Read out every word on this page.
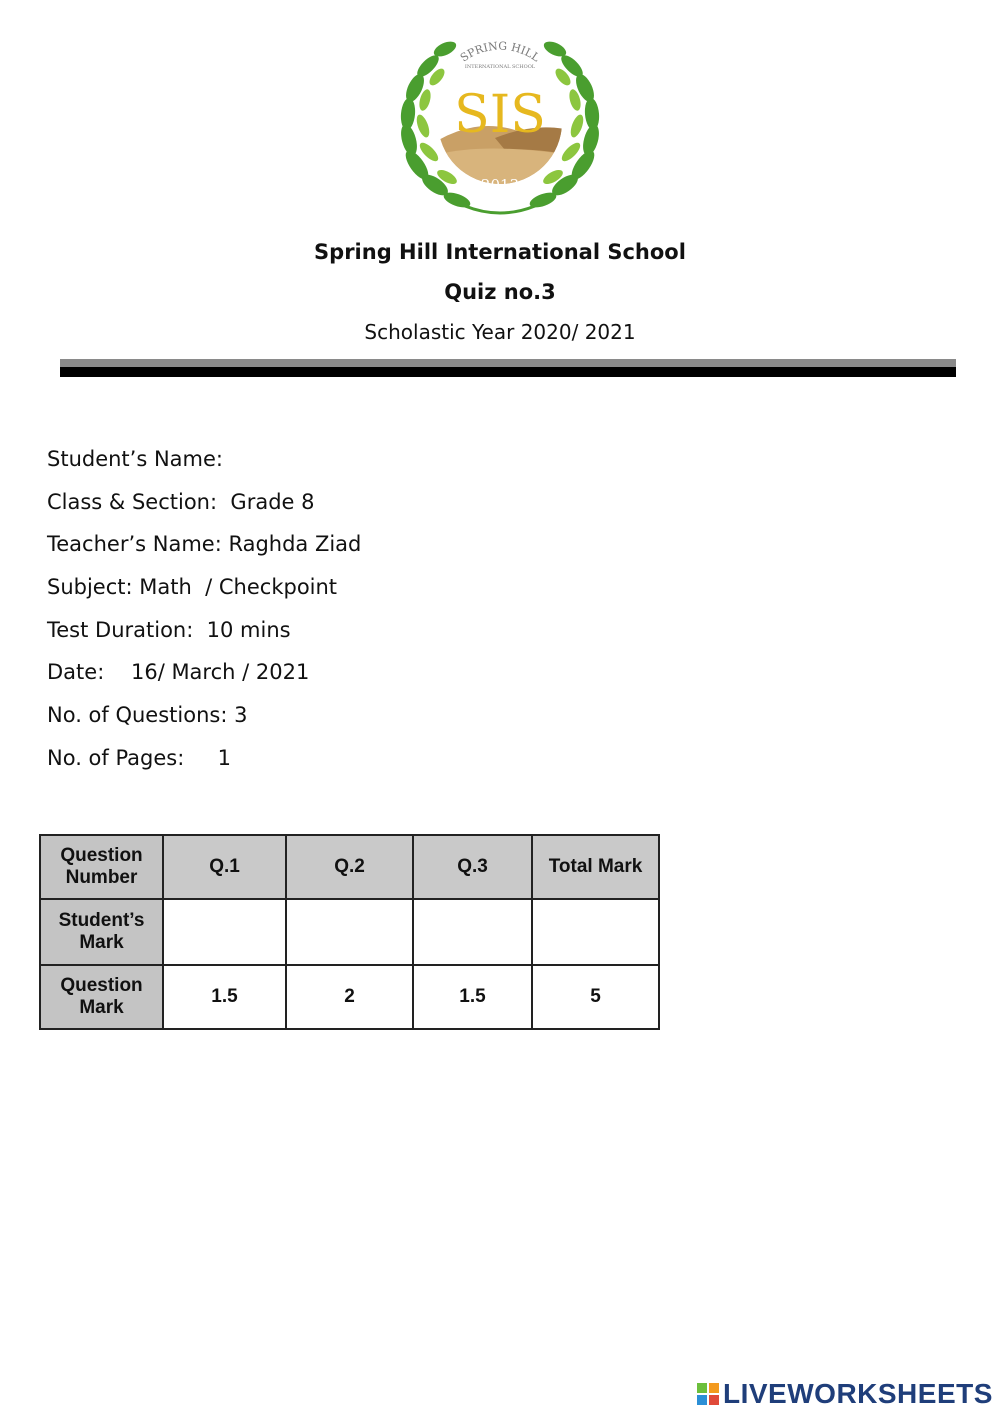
SPRING HILL
INTERNATIONAL SCHOOL
SIS
2013
Spring Hill International School
Quiz no.3
Scholastic Year 2020/ 2021
Student’s Name:
Class & Section:  Grade 8
Teacher’s Name: Raghda Ziad
Subject: Math  / Checkpoint
Test Duration:  10 mins
Date:    16/ March / 2021
No. of Questions: 3
No. of Pages:     1
Question
Number	Q.1	Q.2	Q.3	Total Mark

Student’s
Mark				

Question
Mark	1.5	2	1.5	5
LIVEWORKSHEETS
